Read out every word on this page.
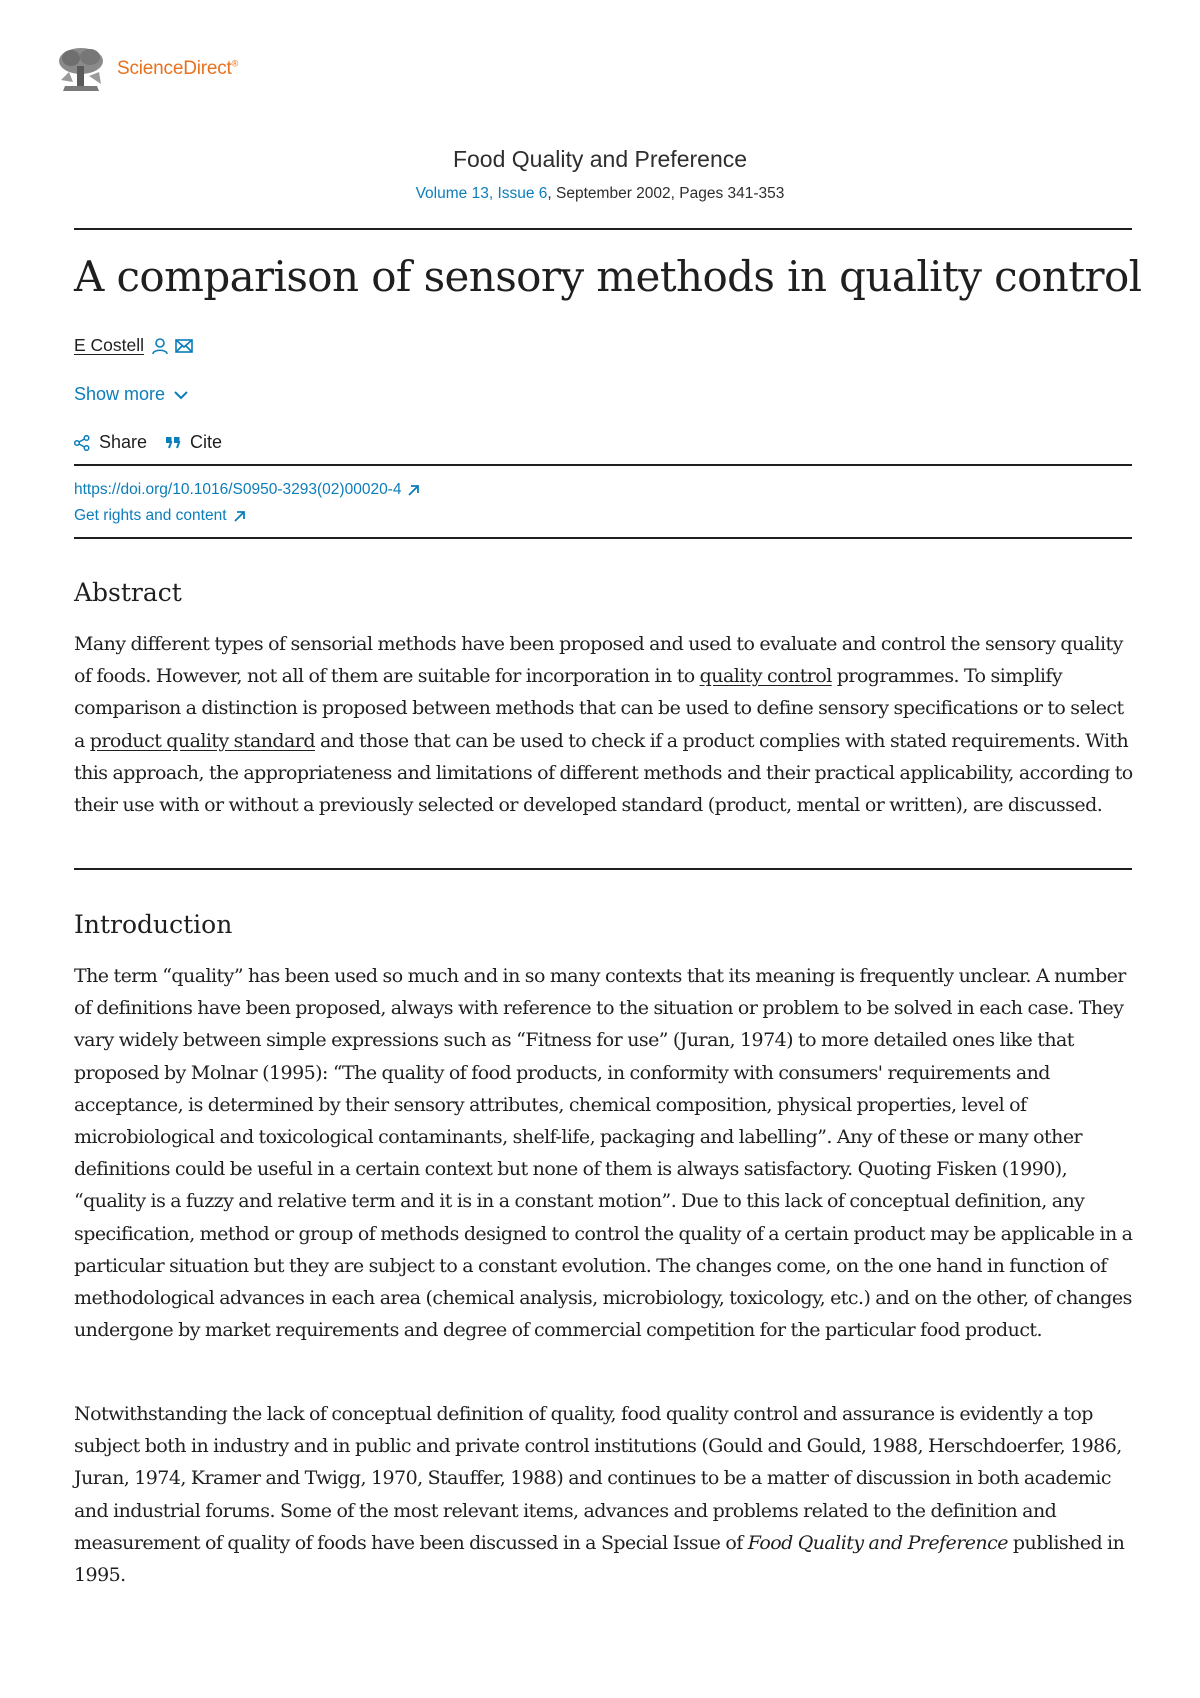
ScienceDirect®
Food Quality and Preference
Volume 13, Issue 6, September 2002, Pages 341-353
A comparison of sensory methods in quality control
E Costell
Show more
Share Cite
https://doi.org/10.1016/S0950-3293(02)00020-4
Get rights and content
Abstract

Many different types of sensorial methods have been proposed and used to evaluate and control the sensory quality of foods. However, not all of them are suitable for incorporation in to quality control programmes. To simplify comparison a distinction is proposed between methods that can be used to define sensory specifications or to select a product quality standard and those that can be used to check if a product complies with stated requirements. With this approach, the appropriateness and limitations of different methods and their practical applicability, according to their use with or without a previously selected or developed standard (product, mental or written), are discussed.

Introduction

The term “quality” has been used so much and in so many contexts that its meaning is frequently unclear. A number of definitions have been proposed, always with reference to the situation or problem to be solved in each case. They vary widely between simple expressions such as “Fitness for use” (Juran, 1974) to more detailed ones like that proposed by Molnar (1995): “The quality of food products, in conformity with consumers' requirements and acceptance, is determined by their sensory attributes, chemical composition, physical properties, level of microbiological and toxicological contaminants, shelf-life, packaging and labelling”. Any of these or many other definitions could be useful in a certain context but none of them is always satisfactory. Quoting Fisken (1990), “quality is a fuzzy and relative term and it is in a constant motion”. Due to this lack of conceptual definition, any specification, method or group of methods designed to control the quality of a certain product may be applicable in a particular situation but they are subject to a constant evolution. The changes come, on the one hand in function of methodological advances in each area (chemical analysis, microbiology, toxicology, etc.) and on the other, of changes undergone by market requirements and degree of commercial competition for the particular food product.

Notwithstanding the lack of conceptual definition of quality, food quality control and assurance is evidently a top subject both in industry and in public and private control institutions (Gould and Gould, 1988, Herschdoerfer, 1986, Juran, 1974, Kramer and Twigg, 1970, Stauffer, 1988) and continues to be a matter of discussion in both academic and industrial forums. Some of the most relevant items, advances and problems related to the definition and measurement of quality of foods have been discussed in a Special Issue of Food Quality and Preference published in 1995.
